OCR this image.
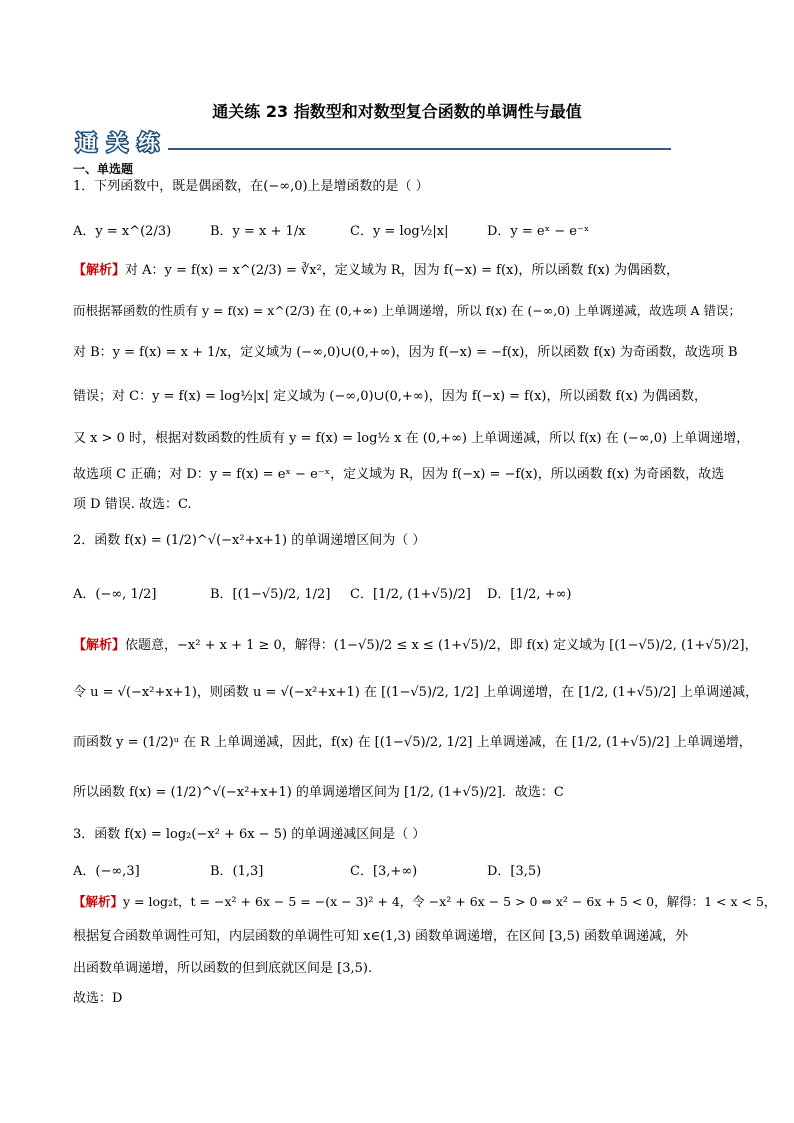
通关练 23 指数型和对数型复合函数的单调性与最值
通 关 练
一、单选题
1．下列函数中，既是偶函数，在(−∞,0)上是增函数的是（ ）
A．y = x^(2/3)	B．y = x + 1/x	C．y = log½|x|	D．y = eˣ − e⁻ˣ
【解析】对 A：y = f(x) = x^(2/3) = ∛x²，定义域为 R，因为 f(−x) = f(x)，所以函数 f(x) 为偶函数，
而根据幂函数的性质有 y = f(x) = x^(2/3) 在 (0,+∞) 上单调递增，所以 f(x) 在 (−∞,0) 上单调递减，故选项 A 错误；
对 B：y = f(x) = x + 1/x，定义域为 (−∞,0)∪(0,+∞)，因为 f(−x) = −f(x)，所以函数 f(x) 为奇函数，故选项 B
错误；对 C：y = f(x) = log½|x| 定义域为 (−∞,0)∪(0,+∞)，因为 f(−x) = f(x)，所以函数 f(x) 为偶函数，
又 x > 0 时，根据对数函数的性质有 y = f(x) = log½ x 在 (0,+∞) 上单调递减，所以 f(x) 在 (−∞,0) 上单调递增，
故选项 C 正确；对 D：y = f(x) = eˣ − e⁻ˣ，定义域为 R，因为 f(−x) = −f(x)，所以函数 f(x) 为奇函数，故选
项 D 错误. 故选：C.
2．函数 f(x) = (1/2)^√(−x²+x+1) 的单调递增区间为（ ）
A．(−∞, 1/2]	B．[(1−√5)/2, 1/2] C．[1/2, (1+√5)/2] D．[1/2, +∞)
【解析】依题意，−x² + x + 1 ≥ 0，解得：(1−√5)/2 ≤ x ≤ (1+√5)/2，即 f(x) 定义域为 [(1−√5)/2, (1+√5)/2]，
令 u = √(−x²+x+1)，则函数 u = √(−x²+x+1) 在 [(1−√5)/2, 1/2] 上单调递增，在 [1/2, (1+√5)/2] 上单调递减，
而函数 y = (1/2)ᵘ 在 R 上单调递减，因此，f(x) 在 [(1−√5)/2, 1/2] 上单调递减，在 [1/2, (1+√5)/2] 上单调递增，
所以函数 f(x) = (1/2)^√(−x²+x+1) 的单调递增区间为 [1/2, (1+√5)/2]．故选：C
3．函数 f(x) = log₂(−x² + 6x − 5) 的单调递减区间是（ ）
A．(−∞,3]	B．(1,3]	C．[3,+∞)	D．[3,5)
【解析】y = log₂t，t = −x² + 6x − 5 = −(x − 3)² + 4，令 −x² + 6x − 5 > 0 ⇔ x² − 6x + 5 < 0，解得：1 < x < 5，
根据复合函数单调性可知，内层函数的单调性可知 x∈(1,3) 函数单调递增，在区间 [3,5) 函数单调递减，外
出函数单调递增，所以函数的但到底就区间是 [3,5).
故选：D
